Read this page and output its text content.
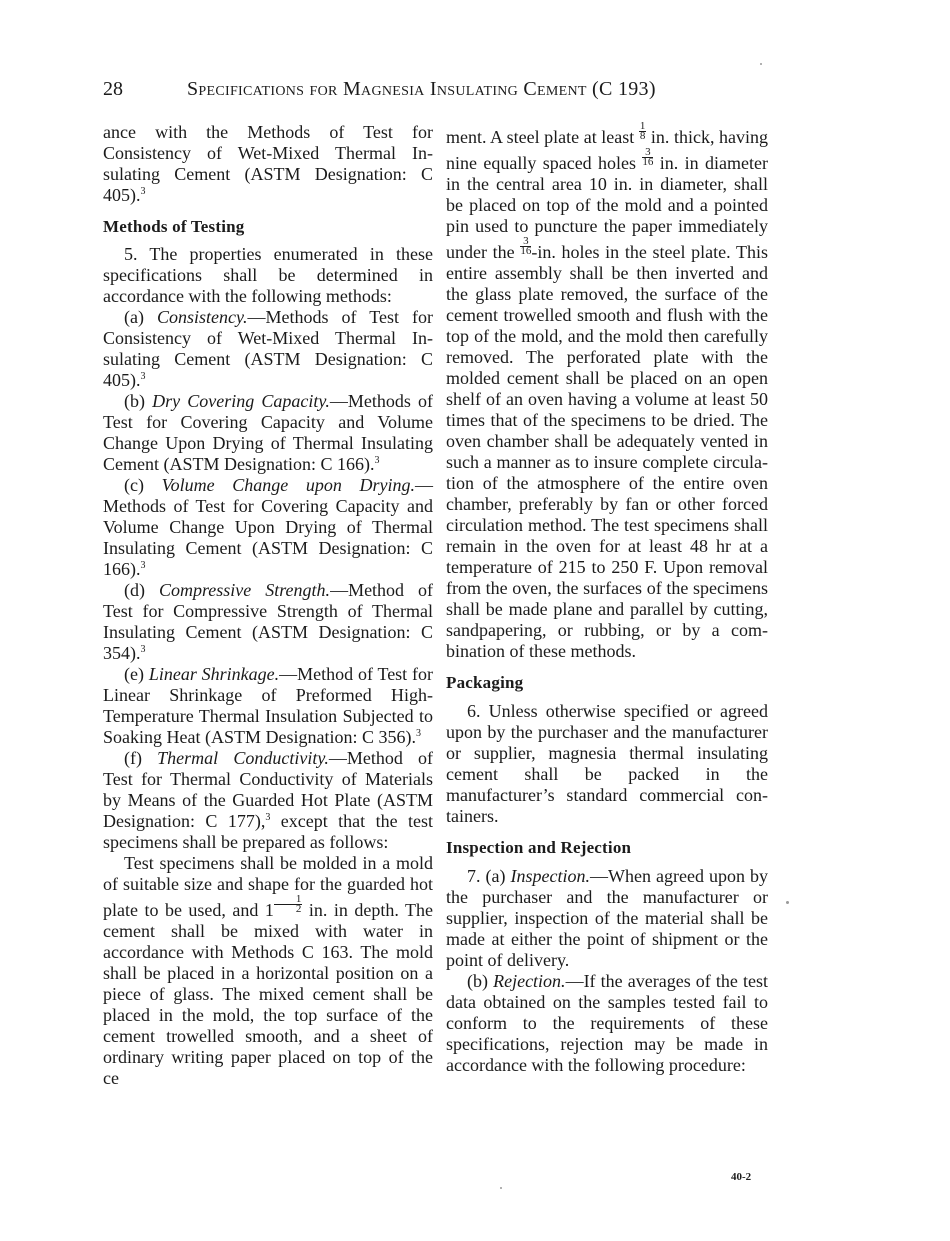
28	Specifications for Magnesia Insulating Cement (C 193)

ance with the Methods of Test for Consistency of Wet-Mixed Thermal Insulating Cement (ASTM Designation: C 405).$^3$

Methods of Testing

5. The properties enumerated in these specifications shall be determined in accordance with the following methods:

(a) Consistency.—Methods of Test for Consistency of Wet-Mixed Thermal Insulating Cement (ASTM Designation: C 405).$^3$

(b) Dry Covering Capacity.—Methods of Test for Covering Capacity and Volume Change Upon Drying of Thermal Insulating Cement (ASTM Designation: C 166).$^3$

(c) Volume Change upon Drying.—Methods of Test for Covering Capacity and Volume Change Upon Drying of Thermal Insulating Cement (ASTM Designation: C 166).$^3$

(d) Compressive Strength.—Method of Test for Compressive Strength of Thermal Insulating Cement (ASTM Designation: C 354).$^3$

(e) Linear Shrinkage.—Method of Test for Linear Shrinkage of Preformed High-Temperature Thermal Insulation Subjected to Soaking Heat (ASTM Designation: C 356).$^3$

(f) Thermal Conductivity.—Method of Test for Thermal Conductivity of Materials by Means of the Guarded Hot Plate (ASTM Designation: C 177),$^3$ except that the test specimens shall be prepared as follows:

Test specimens shall be molded in a mold of suitable size and shape for the guarded hot plate to be used, and $1 \frac{1}{2}$ in. in depth. The cement shall be mixed with water in accordance with Methods C 163. The mold shall be placed in a horizontal position on a piece of glass. The mixed cement shall be placed in the mold, the top surface of the cement trowelled smooth, and a sheet of ordinary writing paper placed on top of the ce

ment. A steel plate at least $\frac{1}{8}$ in. thick, having nine equally spaced holes $\frac{3}{16}$ in. in diameter in the central area 10 in. in diameter, shall be placed on top of the mold and a pointed pin used to puncture the paper immediately under the $\frac{3}{16} -in$. holes in the steel plate. This entire assembly shall be then inverted and the glass plate removed, the surface of the cement trowelled smooth and flush with the top of the mold, and the mold then carefully removed. The perforated plate with the molded cement shall be placed on an open shelf of an oven having a volume at least 50 times that of the specimens to be dried. The oven chamber shall be adequately vented in such a manner as to insure complete circulation of the atmosphere of the entire oven chamber, preferably by fan or other forced circulation method. The test specimens shall remain in the oven for at least 48 hr at a temperature of 215 to 250 F. Upon removal from the oven, the surfaces of the specimens shall be made plane and parallel by cutting, sandpapering, or rubbing, or by a combination of these methods.

Packaging

6. Unless otherwise specified or agreed upon by the purchaser and the manufacturer or supplier, magnesia thermal insulating cement shall be packed in the manufacturer’s standard commercial containers.

Inspection and Rejection

7. (a) Inspection.—When agreed upon by the purchaser and the manufacturer or supplier, inspection of the material shall be made at either the point of shipment or the point of delivery.

(b) Rejection.—If the averages of the test data obtained on the samples tested fail to conform to the requirements of these specifications, rejection may be made in accordance with the following procedure:

40-2
